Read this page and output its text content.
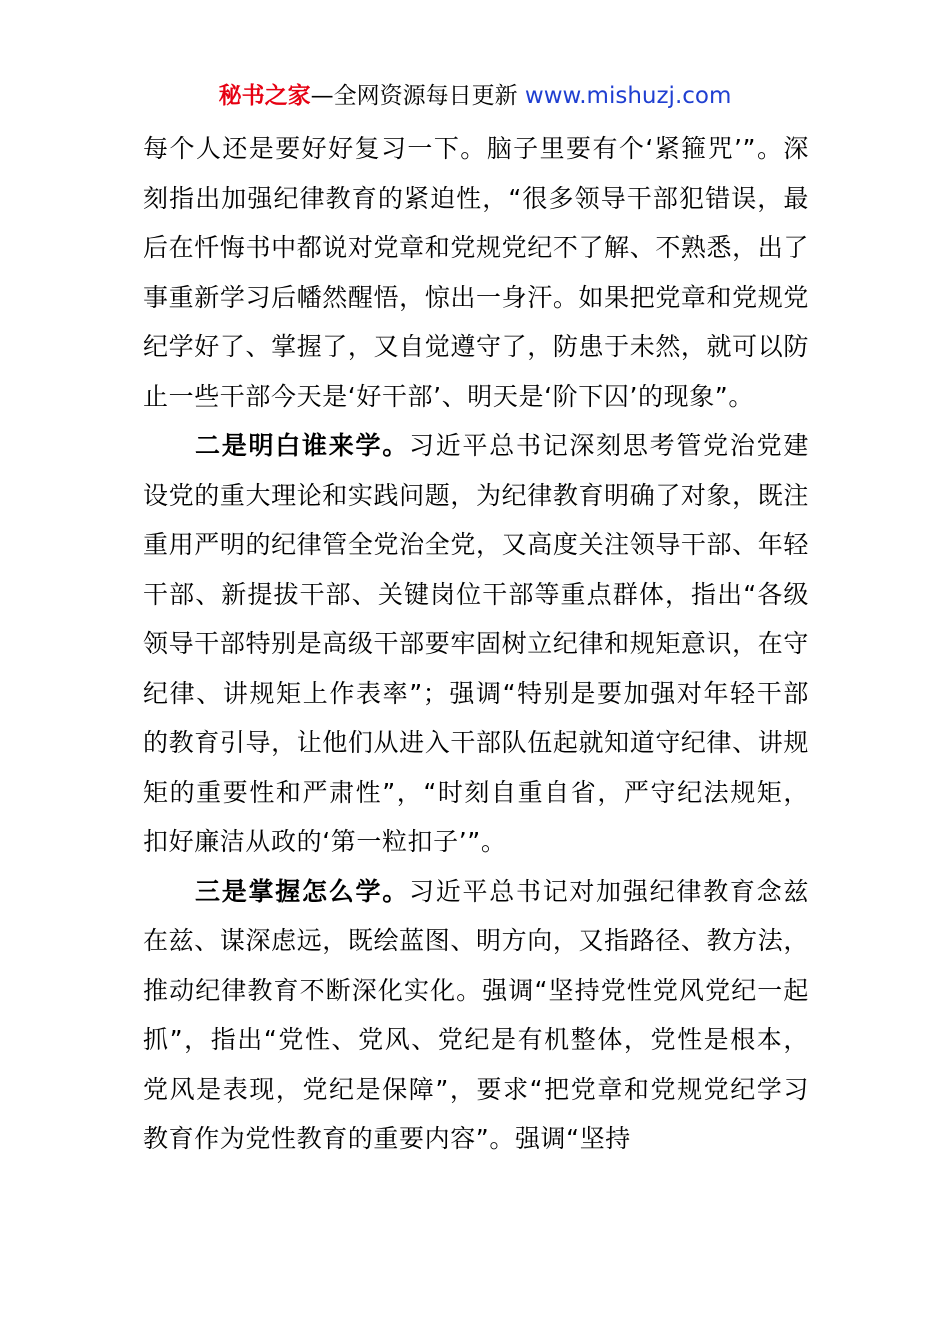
秘书之家—全网资源每日更新 www.mishuzj.com

每个人还是要好好复习一下。脑子里要有个‘紧箍咒’”。深刻指出加强纪律教育的紧迫性，“很多领导干部犯错误，最后在忏悔书中都说对党章和党规党纪不了解、不熟悉，出了事重新学习后幡然醒悟，惊出一身汗。如果把党章和党规党纪学好了、掌握了，又自觉遵守了，防患于未然，就可以防止一些干部今天是‘好干部’、明天是‘阶下囚’的现象”。

二是明白谁来学。习近平总书记深刻思考管党治党建设党的重大理论和实践问题，为纪律教育明确了对象，既注重用严明的纪律管全党治全党，又高度关注领导干部、年轻干部、新提拔干部、关键岗位干部等重点群体，指出“各级领导干部特别是高级干部要牢固树立纪律和规矩意识，在守纪律、讲规矩上作表率”；强调“特别是要加强对年轻干部的教育引导，让他们从进入干部队伍起就知道守纪律、讲规矩的重要性和严肃性”，“时刻自重自省，严守纪法规矩，扣好廉洁从政的‘第一粒扣子’”。

三是掌握怎么学。习近平总书记对加强纪律教育念兹在兹、谋深虑远，既绘蓝图、明方向，又指路径、教方法，推动纪律教育不断深化实化。强调“坚持党性党风党纪一起抓”，指出“党性、党风、党纪是有机整体，党性是根本，党风是表现，党纪是保障”，要求“把党章和党规党纪学习教育作为党性教育的重要内容”。强调“坚持
